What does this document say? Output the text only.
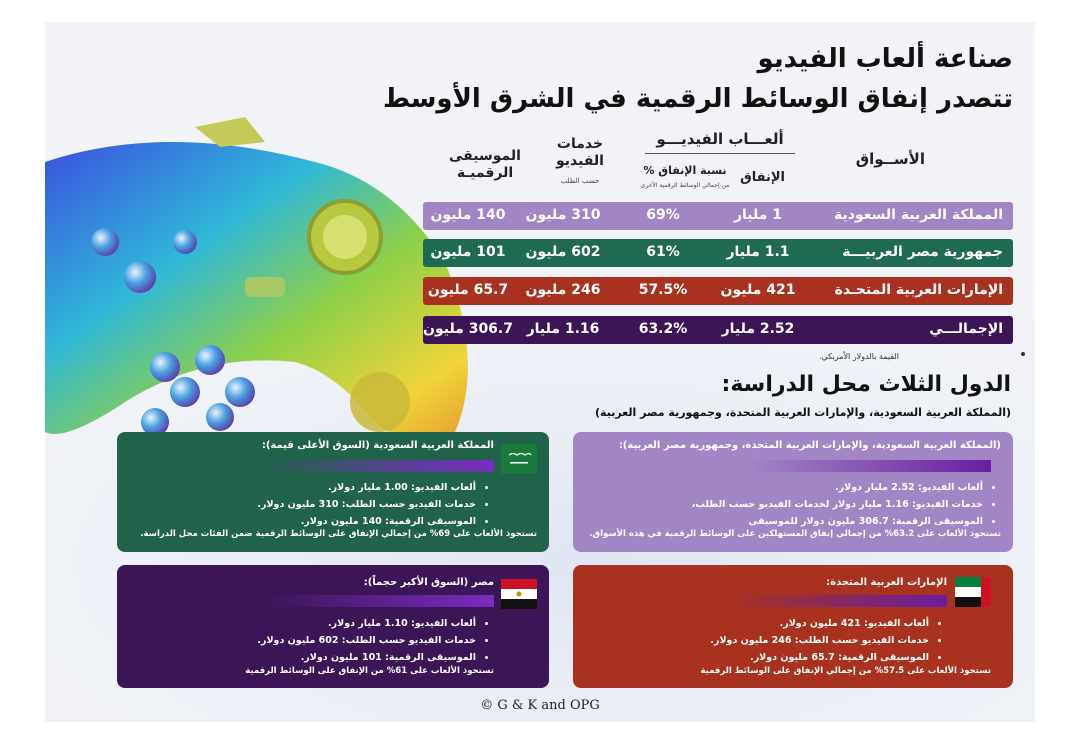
صناعة ألعاب الفيديو
تتصدر إنفاق الوسائط الرقمية في الشرق الأوسط
الأســواق
ألعـــاب الفيديـــو
الإنفاق
نسبة الإنفاق %
من إجمالي الوسائط الرقمية الأخرى
خدمات الفيديو
حسب الطلب
الموسيقى الرقميـة
المملكة العربية السعودية
1 مليار
69%
310 مليون
140 مليون
جمهورية مصر العربيـــة
1.1 مليار
61%
602 مليون
101 مليون
الإمارات العربية المتحـدة
421 مليون
57.5%
246 مليون
65.7 مليون
الإجمالـــي
2.52 مليار
63.2%
1.16 مليار
306.7 مليون
القيمة بالدولار الأمريكي.
الدول الثلاث محل الدراسة:
(المملكة العربية السعودية، والإمارات العربية المتحدة، وجمهورية مصر العربية)
المملكة العربية السعودية (السوق الأعلى قيمة):
• ألعاب الفيديو: 1.00 مليار دولار.
• خدمات الفيديو حسب الطلب: 310 مليون دولار.
• الموسيقى الرقمية: 140 مليون دولار.
تستحوذ الألعاب على 69% من إجمالي الإنفاق على الوسائط الرقمية ضمن الفئات محل الدراسة.
(المملكة العربية السعودية، والإمارات العربية المتحدة، وجمهورية مصر العربية):
• ألعاب الفيديو: 2.52 مليار دولار.
• خدمات الفيديو: 1.16 مليار دولار لخدمات الفيديو حسب الطلب،
• الموسيقى الرقمية: 306.7 مليون دولار للموسيقى
تستحوذ الألعاب على 63.2% من إجمالي إنفاق المستهلكين على الوسائط الرقمية في هذه الأسواق.
مصر (السوق الأكبر حجماً):
• ألعاب الفيديو: 1.10 مليار دولار.
• خدمات الفيديو حسب الطلب: 602 مليون دولار.
• الموسيقى الرقمية: 101 مليون دولار.
تستحوذ الألعاب على 61% من الإنفاق على الوسائط الرقمية
الإمارات العربية المتحدة:
• ألعاب الفيديو: 421 مليون دولار.
• خدمات الفيديو حسب الطلب: 246 مليون دولار.
• الموسيقى الرقمية: 65.7 مليون دولار.
تستحوذ الألعاب على 57.5% من إجمالي الإنفاق على الوسائط الرقمية
© G & K and OPG
